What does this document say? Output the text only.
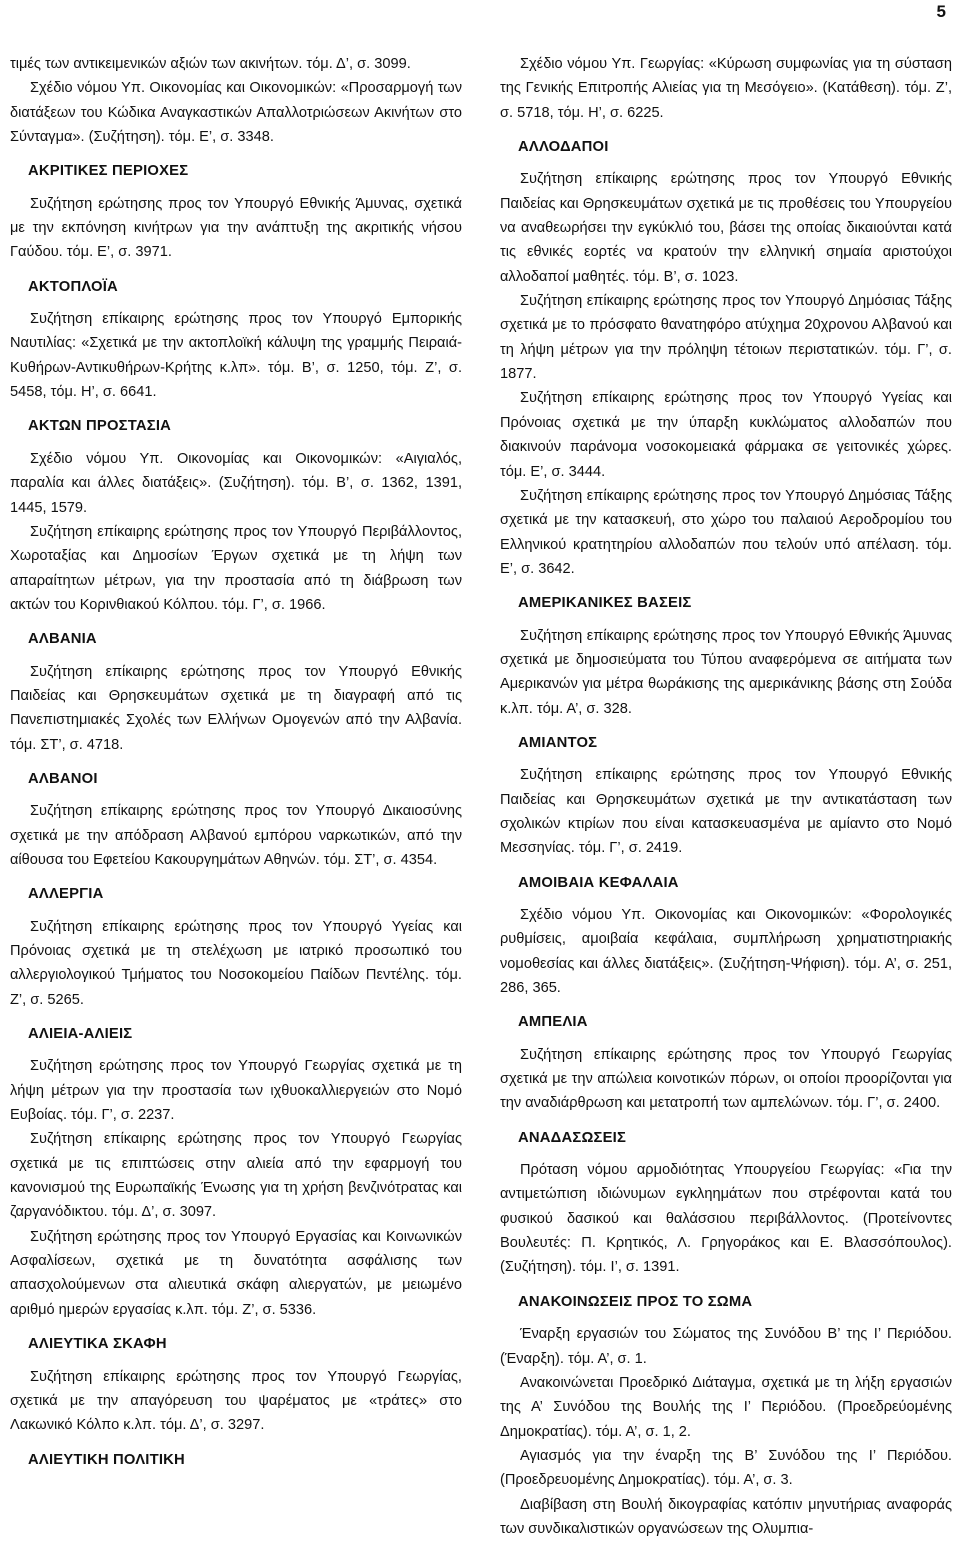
5

τιμές των αντικειμενικών αξιών των ακινήτων. τόμ. Δ’, σ. 3099.

Σχέδιο νόμου Υπ. Οικονομίας και Οικονομικών: «Προσαρμογή των διατάξεων του Κώδικα Αναγκαστικών Απαλλοτριώσεων Ακινήτων στο Σύνταγμα». (Συζήτηση). τόμ. Ε’, σ. 3348.

ΑΚΡΙΤΙΚΕΣ ΠΕΡΙΟΧΕΣ

Συζήτηση ερώτησης προς τον Υπουργό Εθνικής Άμυνας, σχετικά με την εκπόνηση κινήτρων για την ανάπτυξη της ακριτικής νήσου Γαύδου. τόμ. Ε’, σ. 3971.

ΑΚΤΟΠΛΟΪΑ

Συζήτηση επίκαιρης ερώτησης προς τον Υπουργό Εμπορικής Ναυτιλίας: «Σχετικά με την ακτοπλοϊκή κάλυψη της γραμμής Πειραιά-Κυθήρων-Αντικυθήρων-Κρήτης κ.λπ». τόμ. Β’, σ. 1250, τόμ. Ζ’, σ. 5458, τόμ. Η’, σ. 6641.

ΑΚΤΩΝ ΠΡΟΣΤΑΣΙΑ

Σχέδιο νόμου Υπ. Οικονομίας και Οικονομικών: «Αιγιαλός, παραλία και άλλες διατάξεις». (Συζήτηση). τόμ. Β’, σ. 1362, 1391, 1445, 1579.

Συζήτηση επίκαιρης ερώτησης προς τον Υπουργό Περιβάλλοντος, Χωροταξίας και Δημοσίων Έργων σχετικά με τη λήψη των απαραίτητων μέτρων, για την προστασία από τη διάβρωση των ακτών του Κορινθιακού Κόλπου. τόμ. Γ’, σ. 1966.

ΑΛΒΑΝΙΑ

Συζήτηση επίκαιρης ερώτησης προς τον Υπουργό Εθνικής Παιδείας και Θρησκευμάτων σχετικά με τη διαγραφή από τις Πανεπιστημιακές Σχολές των Ελλήνων Ομογενών από την Αλβανία. τόμ. ΣΤ’, σ. 4718.

ΑΛΒΑΝΟΙ

Συζήτηση επίκαιρης ερώτησης προς τον Υπουργό Δικαιοσύνης σχετικά με την απόδραση Αλβανού εμπόρου ναρκωτικών, από την αίθουσα του Εφετείου Κακουργημάτων Αθηνών. τόμ. ΣΤ’, σ. 4354.

ΑΛΛΕΡΓΙΑ

Συζήτηση επίκαιρης ερώτησης προς τον Υπουργό Υγείας και Πρόνοιας σχετικά με τη στελέχωση με ιατρικό προσωπικό του αλλεργιολογικού Τμήματος του Νοσοκομείου Παίδων Πεντέλης. τόμ. Ζ’, σ. 5265.

ΑΛΙΕΙΑ-ΑΛΙΕΙΣ

Συζήτηση ερώτησης προς τον Υπουργό Γεωργίας σχετικά με τη λήψη μέτρων για την προστασία των ιχθυοκαλλιεργειών στο Νομό Ευβοίας. τόμ. Γ’, σ. 2237.

Συζήτηση επίκαιρης ερώτησης προς τον Υπουργό Γεωργίας σχετικά με τις επιπτώσεις στην αλιεία από την εφαρμογή του κανονισμού της Ευρωπαϊκής Ένωσης για τη χρήση βενζινότρατας και ζαργανόδικτου. τόμ. Δ’, σ. 3097.

Συζήτηση ερώτησης προς τον Υπουργό Εργασίας και Κοινωνικών Ασφαλίσεων, σχετικά με τη δυνατότητα ασφάλισης των απασχολούμενων στα αλιευτικά σκάφη αλιεργατών, με μειωμένο αριθμό ημερών εργασίας κ.λπ. τόμ. Ζ’, σ. 5336.

ΑΛΙΕΥΤΙΚΑ ΣΚΑΦΗ

Συζήτηση επίκαιρης ερώτησης προς τον Υπουργό Γεωργίας, σχετικά με την απαγόρευση του ψαρέματος με «τράτες» στο Λακωνικό Κόλπο κ.λπ. τόμ. Δ’, σ. 3297.

ΑΛΙΕΥΤΙΚΗ ΠΟΛΙΤΙΚΗ

Σχέδιο νόμου Υπ. Γεωργίας: «Κύρωση συμφωνίας για τη σύσταση της Γενικής Επιτροπής Αλιείας για τη Μεσόγειο». (Κατάθεση). τόμ. Ζ’, σ. 5718, τόμ. Η’, σ. 6225.

ΑΛΛΟΔΑΠΟΙ

Συζήτηση επίκαιρης ερώτησης προς τον Υπουργό Εθνικής Παιδείας και Θρησκευμάτων σχετικά με τις προθέσεις του Υπουργείου να αναθεωρήσει την εγκύκλιό του, βάσει της οποίας δικαιούνται κατά τις εθνικές εορτές να κρατούν την ελληνική σημαία αριστούχοι αλλοδαποί μαθητές. τόμ. Β’, σ. 1023.

Συζήτηση επίκαιρης ερώτησης προς τον Υπουργό Δημόσιας Τάξης σχετικά με το πρόσφατο θανατηφόρο ατύχημα 20χρονου Αλβανού και τη λήψη μέτρων για την πρόληψη τέτοιων περιστατικών. τόμ. Γ’, σ. 1877.

Συζήτηση επίκαιρης ερώτησης προς τον Υπουργό Υγείας και Πρόνοιας σχετικά με την ύπαρξη κυκλώματος αλλοδαπών που διακινούν παράνομα νοσοκομειακά φάρμακα σε γειτονικές χώρες. τόμ. Ε’, σ. 3444.

Συζήτηση επίκαιρης ερώτησης προς τον Υπουργό Δημόσιας Τάξης σχετικά με την κατασκευή, στο χώρο του παλαιού Αεροδρομίου του Ελληνικού κρατητηρίου αλλοδαπών που τελούν υπό απέλαση. τόμ. Ε’, σ. 3642.

ΑΜΕΡΙΚΑΝΙΚΕΣ ΒΑΣΕΙΣ

Συζήτηση επίκαιρης ερώτησης προς τον Υπουργό Εθνικής Άμυνας σχετικά με δημοσιεύματα του Τύπου αναφερόμενα σε αιτήματα των Αμερικανών για μέτρα θωράκισης της αμερικάνικης βάσης στη Σούδα κ.λπ. τόμ. Α’, σ. 328.

ΑΜΙΑΝΤΟΣ

Συζήτηση επίκαιρης ερώτησης προς τον Υπουργό Εθνικής Παιδείας και Θρησκευμάτων σχετικά με την αντικατάσταση των σχολικών κτιρίων που είναι κατασκευασμένα με αμίαντο στο Νομό Μεσσηνίας. τόμ. Γ’, σ. 2419.

ΑΜΟΙΒΑΙΑ ΚΕΦΑΛΑΙΑ

Σχέδιο νόμου Υπ. Οικονομίας και Οικονομικών: «Φορολογικές ρυθμίσεις, αμοιβαία κεφάλαια, συμπλήρωση χρηματιστηριακής νομοθεσίας και άλλες διατάξεις». (Συζήτηση-Ψήφιση). τόμ. Α’, σ. 251, 286, 365.

ΑΜΠΕΛΙΑ

Συζήτηση επίκαιρης ερώτησης προς τον Υπουργό Γεωργίας σχετικά με την απώλεια κοινοτικών πόρων, οι οποίοι προορίζονται για την αναδιάρθρωση και μετατροπή των αμπελώνων. τόμ. Γ’, σ. 2400.

ΑΝΑΔΑΣΩΣΕΙΣ

Πρόταση νόμου αρμοδιότητας Υπουργείου Γεωργίας: «Για την αντιμετώπιση ιδιώνυμων εγκληημάτων που στρέφονται κατά του φυσικού δασικού και θαλάσσιου περιβάλλοντος. (Προτείνοντες Βουλευτές: Π. Κρητικός, Λ. Γρηγοράκος και Ε. Βλασσόπουλος). (Συζήτηση). τόμ. Ι’, σ. 1391.

ΑΝΑΚΟΙΝΩΣΕΙΣ ΠΡΟΣ ΤΟ ΣΩΜΑ

Έναρξη εργασιών του Σώματος της Συνόδου Β’ της Ι’ Περιόδου. (Έναρξη). τόμ. Α’, σ. 1.

Ανακοινώνεται Προεδρικό Διάταγμα, σχετικά με τη λήξη εργασιών της Α’ Συνόδου της Βουλής της Ι’ Περιόδου. (Προεδρεύομένης Δημοκρατίας). τόμ. Α’, σ. 1, 2.

Αγιασμός για την έναρξη της Β’ Συνόδου της Ι’ Περιόδου. (Προεδρευομένης Δημοκρατίας). τόμ. Α’, σ. 3.

Διαβίβαση στη Βουλή δικογραφίας κατόπιν μηνυτήριας αναφοράς των συνδικαλιστικών οργανώσεων της Ολυμπια-
